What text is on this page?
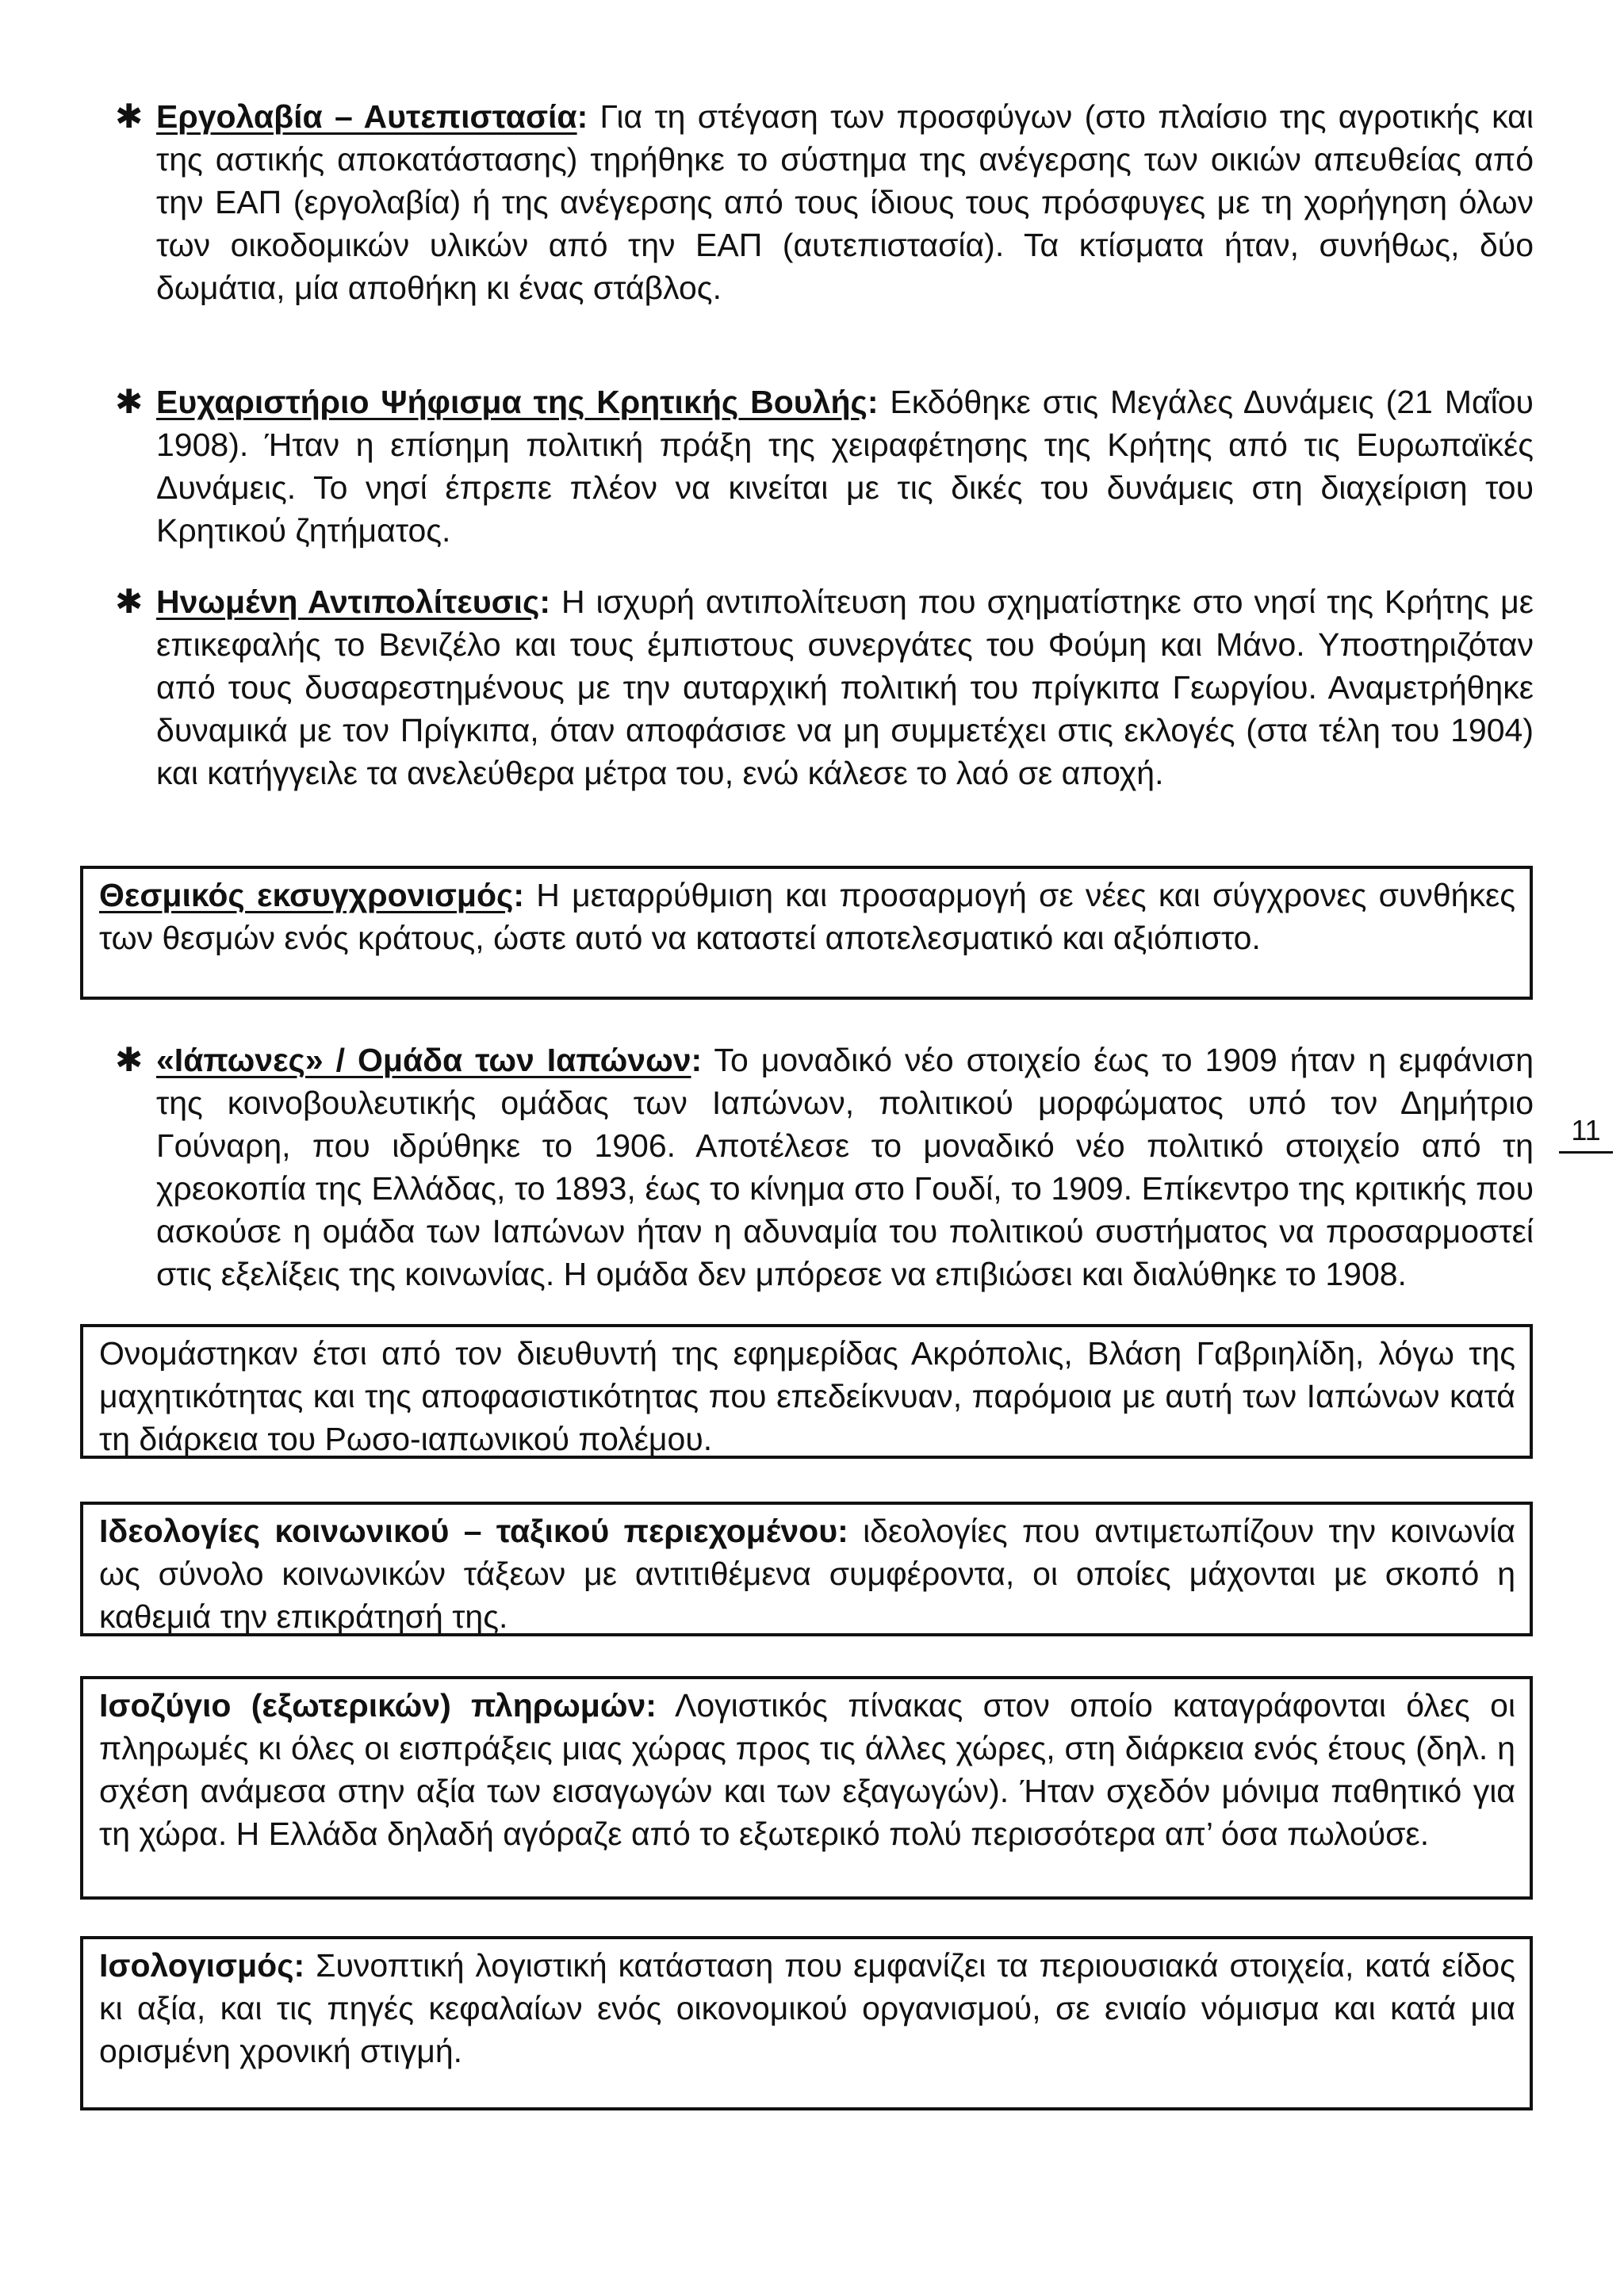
✱ Εργολαβία – Αυτεπιστασία: Για τη στέγαση των προσφύγων (στο πλαίσιο της αγροτικής και της αστικής αποκατάστασης) τηρήθηκε το σύστημα της ανέγερσης των οικιών απευθείας από την ΕΑΠ (εργολαβία) ή της ανέγερσης από τους ίδιους τους πρόσφυγες με τη χορήγηση όλων των οικοδομικών υλικών από την ΕΑΠ (αυτεπιστασία). Τα κτίσματα ήταν, συνήθως, δύο δωμάτια, μία αποθήκη κι ένας στάβλος.
✱ Ευχαριστήριο Ψήφισμα της Κρητικής Βουλής: Εκδόθηκε στις Μεγάλες Δυνάμεις (21 Μαΐου 1908). Ήταν η επίσημη πολιτική πράξη της χειραφέτησης της Κρήτης από τις Ευρωπαϊκές Δυνάμεις. Το νησί έπρεπε πλέον να κινείται με τις δικές του δυνάμεις στη διαχείριση του Κρητικού ζητήματος.
✱ Ηνωμένη Αντιπολίτευσις: Η ισχυρή αντιπολίτευση που σχηματίστηκε στο νησί της Κρήτης με επικεφαλής το Βενιζέλο και τους έμπιστους συνεργάτες του Φούμη και Μάνο. Υποστηριζόταν από τους δυσαρεστημένους με την αυταρχική πολιτική του πρίγκιπα Γεωργίου. Αναμετρήθηκε δυναμικά με τον Πρίγκιπα, όταν αποφάσισε να μη συμμετέχει στις εκλογές (στα τέλη του 1904) και κατήγγειλε τα ανελεύθερα μέτρα του, ενώ κάλεσε το λαό σε αποχή.
Θεσμικός εκσυγχρονισμός: Η μεταρρύθμιση και προσαρμογή σε νέες και σύγχρονες συνθήκες των θεσμών ενός κράτους, ώστε αυτό να καταστεί αποτελεσματικό και αξιόπιστο.
✱ «Ιάπωνες» / Ομάδα των Ιαπώνων: Το μοναδικό νέο στοιχείο έως το 1909 ήταν η εμφάνιση της κοινοβουλευτικής ομάδας των Ιαπώνων, πολιτικού μορφώματος υπό τον Δημήτριο Γούναρη, που ιδρύθηκε το 1906. Αποτέλεσε το μοναδικό νέο πολιτικό στοιχείο από τη χρεοκοπία της Ελλάδας, το 1893, έως το κίνημα στο Γουδί, το 1909. Επίκεντρο της κριτικής που ασκούσε η ομάδα των Ιαπώνων ήταν η αδυναμία του πολιτικού συστήματος να προσαρμοστεί στις εξελίξεις της κοινωνίας. Η ομάδα δεν μπόρεσε να επιβιώσει και διαλύθηκε το 1908.
Ονομάστηκαν έτσι από τον διευθυντή της εφημερίδας Ακρόπολις, Βλάση Γαβριηλίδη, λόγω της μαχητικότητας και της αποφασιστικότητας που επεδείκνυαν, παρόμοια με αυτή των Ιαπώνων κατά τη διάρκεια του Ρωσο-ιαπωνικού πολέμου.
Ιδεολογίες κοινωνικού – ταξικού περιεχομένου: ιδεολογίες που αντιμετωπίζουν την κοινωνία ως σύνολο κοινωνικών τάξεων με αντιτιθέμενα συμφέροντα, οι οποίες μάχονται με σκοπό η καθεμιά την επικράτησή της.
Ισοζύγιο (εξωτερικών) πληρωμών: Λογιστικός πίνακας στον οποίο καταγράφονται όλες οι πληρωμές κι όλες οι εισπράξεις μιας χώρας προς τις άλλες χώρες, στη διάρκεια ενός έτους (δηλ. η σχέση ανάμεσα στην αξία των εισαγωγών και των εξαγωγών). Ήταν σχεδόν μόνιμα παθητικό για τη χώρα. Η Ελλάδα δηλαδή αγόραζε από το εξωτερικό πολύ περισσότερα απ’ όσα πωλούσε.
Ισολογισμός: Συνοπτική λογιστική κατάσταση που εμφανίζει τα περιουσιακά στοιχεία, κατά είδος κι αξία, και τις πηγές κεφαλαίων ενός οικονομικού οργανισμού, σε ενιαίο νόμισμα και κατά μια ορισμένη χρονική στιγμή.
11
